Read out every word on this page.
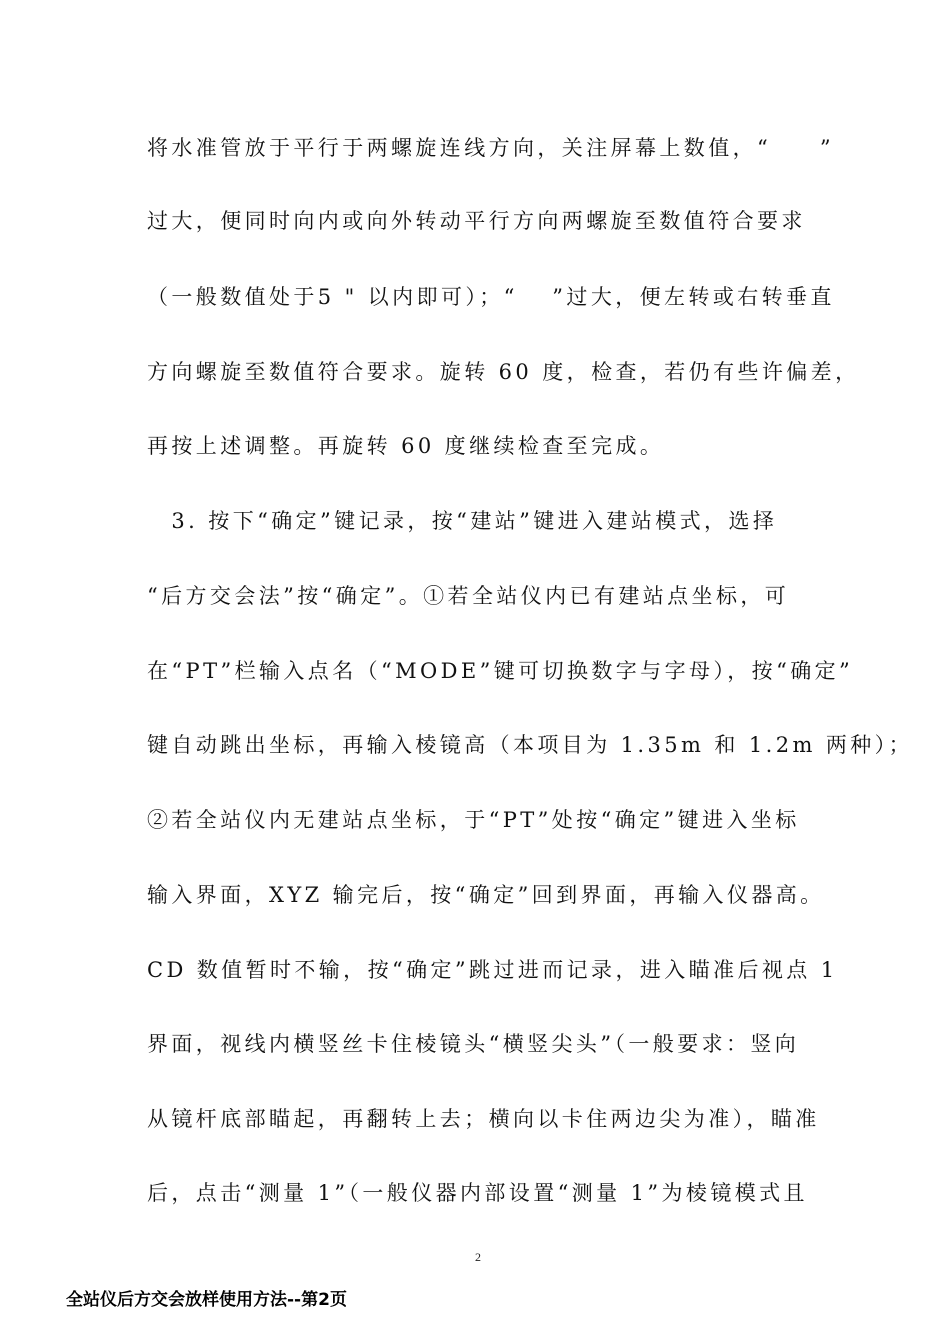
将水准管放于平行于两螺旋连线方向，关注屏幕上数值，“　　”
过大，便同时向内或向外转动平行方向两螺旋至数值符合要求
（一般数值处于5 " 以内即可）；“　 ”过大，便左转或右转垂直
方向螺旋至数值符合要求。旋转 60 度，检查，若仍有些许偏差，
再按上述调整。再旋转 60 度继续检查至完成。
　3. 按下“确定”键记录，按“建站”键进入建站模式，选择
“后方交会法”按“确定”。①若全站仪内已有建站点坐标，可
在“PT”栏输入点名（“MODE”键可切换数字与字母），按“确定”
键自动跳出坐标，再输入棱镜高（本项目为 1.35m 和 1.2m 两种）；
②若全站仪内无建站点坐标，于“PT”处按“确定”键进入坐标
输入界面，XYZ 输完后，按“确定”回到界面，再输入仪器高。
CD 数值暂时不输，按“确定”跳过进而记录，进入瞄准后视点 1
界面，视线内横竖丝卡住棱镜头“横竖尖头”（一般要求：竖向
从镜杆底部瞄起，再翻转上去；横向以卡住两边尖为准），瞄准
后，点击“测量 1”（一般仪器内部设置“测量 1”为棱镜模式且
2
全站仪后方交会放样使用方法--第2页
